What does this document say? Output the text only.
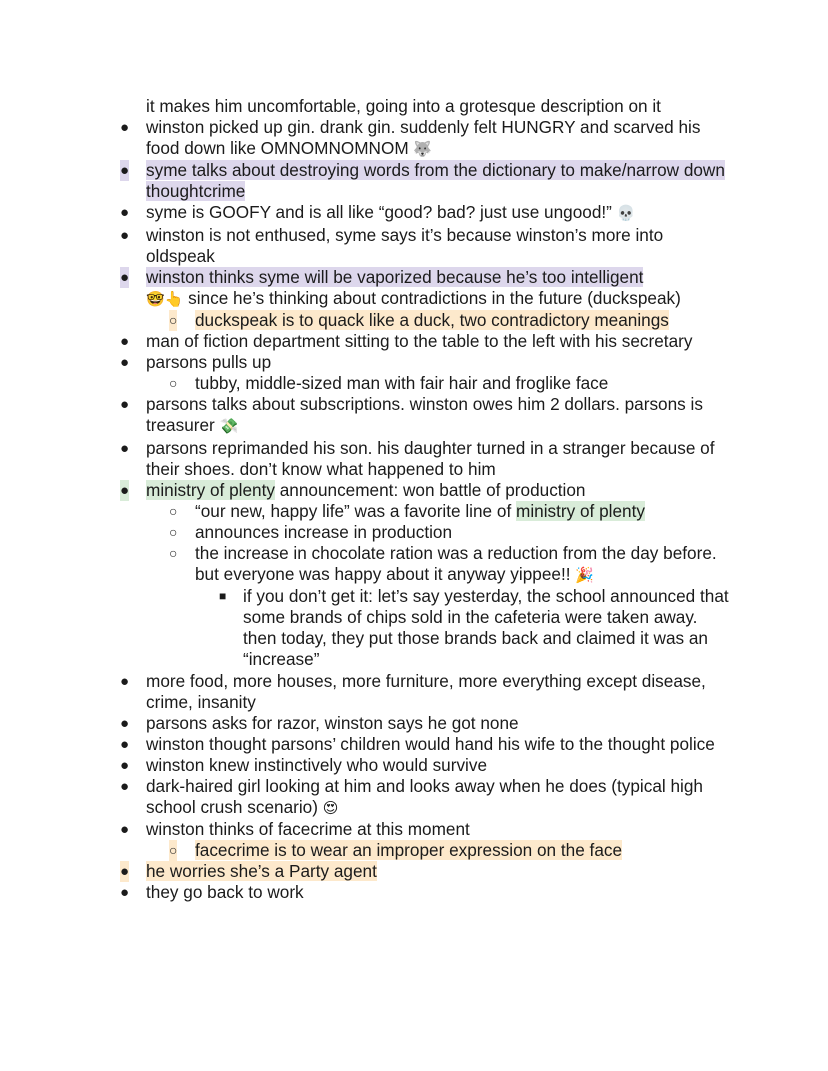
it makes him uncomfortable, going into a grotesque description on it
● winston picked up gin. drank gin. suddenly felt HUNGRY and scarved his food down like OMNOMNOMNOM 🐺
● syme talks about destroying words from the dictionary to make/narrow down thoughtcrime
● syme is GOOFY and is all like “good? bad? just use ungood!” 💀
● winston is not enthused, syme says it’s because winston’s more into oldspeak
● winston thinks syme will be vaporized because he’s too intelligent
🤓👆 since he’s thinking about contradictions in the future (duckspeak)
○ duckspeak is to quack like a duck, two contradictory meanings
● man of fiction department sitting to the table to the left with his secretary
● parsons pulls up
○ tubby, middle-sized man with fair hair and froglike face
● parsons talks about subscriptions. winston owes him 2 dollars. parsons is treasurer 💸
● parsons reprimanded his son. his daughter turned in a stranger because of their shoes. don’t know what happened to him
● ministry of plenty announcement: won battle of production
○ “our new, happy life” was a favorite line of ministry of plenty
○ announces increase in production
○ the increase in chocolate ration was a reduction from the day before. but everyone was happy about it anyway yippee!! 🎉
■ if you don’t get it: let’s say yesterday, the school announced that some brands of chips sold in the cafeteria were taken away. then today, they put those brands back and claimed it was an “increase”
● more food, more houses, more furniture, more everything except disease, crime, insanity
● parsons asks for razor, winston says he got none
● winston thought parsons’ children would hand his wife to the thought police
● winston knew instinctively who would survive
● dark-haired girl looking at him and looks away when he does (typical high school crush scenario) 😍
● winston thinks of facecrime at this moment
○ facecrime is to wear an improper expression on the face
● he worries she’s a Party agent
● they go back to work
